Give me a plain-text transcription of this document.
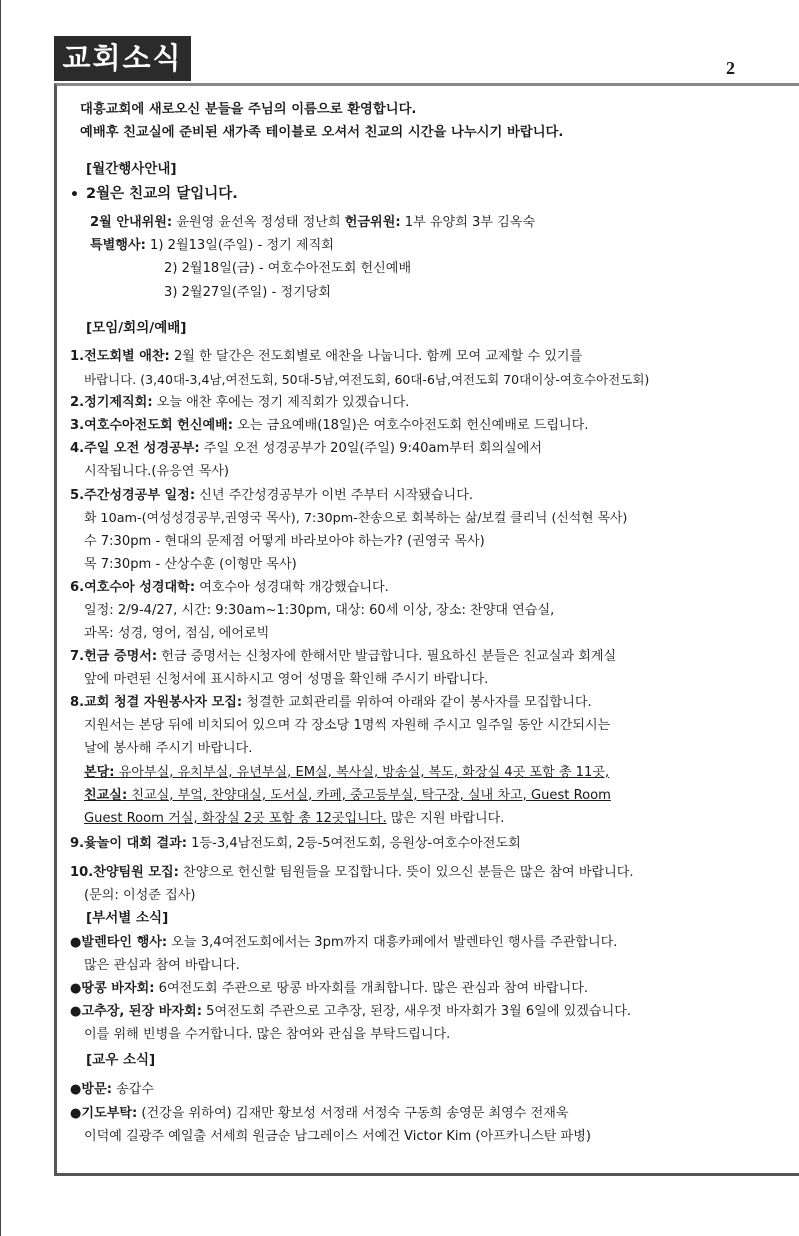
교회소식	2
대흥교회에 새로오신 분들을 주님의 이름으로 환영합니다.
예배후 친교실에 준비된 새가족 테이블로 오셔서 친교의 시간을 나누시기 바랍니다.
[월간행사안내]
• 2월은 친교의 달입니다.
2월 안내위원: 윤원영 윤선옥 정성태 정난희 헌금위원: 1부 유양희 3부 김옥숙
특별행사: 1) 2월13일(주일) - 정기 제직회
2) 2월18일(금) - 여호수아전도회 헌신예배
3) 2월27일(주일) - 정기당회
[모임/회의/예배]
1.전도회별 애찬: 2월 한 달간은 전도회별로 애찬을 나눕니다. 함께 모여 교제할 수 있기를
바랍니다. (3,40대-3,4남,여전도회, 50대-5남,여전도회, 60대-6남,여전도회 70대이상-여호수아전도회)
2.정기제직회: 오늘 애찬 후에는 정기 제직회가 있겠습니다.
3.여호수아전도회 헌신예배: 오는 금요예배(18일)은 여호수아전도회 헌신예배로 드립니다.
4.주일 오전 성경공부: 주일 오전 성경공부가 20일(주일) 9:40am부터 회의실에서
시작됩니다.(유응연 목사)
5.주간성경공부 일정: 신년 주간성경공부가 이번 주부터 시작됐습니다.
화 10am-(여성성경공부,권영국 목사), 7:30pm-찬송으로 회복하는 삶/보컬 클리닉 (신석현 목사)
수 7:30pm - 현대의 문제점 어떻게 바라보아야 하는가? (권영국 목사)
목 7:30pm - 산상수훈 (이형만 목사)
6.여호수아 성경대학: 여호수아 성경대학 개강했습니다.
일정: 2/9-4/27, 시간: 9:30am~1:30pm, 대상: 60세 이상, 장소: 찬양대 연습실,
과목: 성경, 영어, 점심, 에어로빅
7.헌금 증명서: 헌금 증명서는 신청자에 한해서만 발급합니다. 필요하신 분들은 친교실과 회계실
앞에 마련된 신청서에 표시하시고 영어 성명을 확인해 주시기 바랍니다.
8.교회 청결 자원봉사자 모집: 청결한 교회관리를 위하여 아래와 같이 봉사자를 모집합니다.
지원서는 본당 뒤에 비치되어 있으며 각 장소당 1명씩 자원해 주시고 일주일 동안 시간되시는
날에 봉사해 주시기 바랍니다.
본당: 유아부실, 유치부실, 유년부실, EM실, 복사실, 방송실, 복도, 화장실 4곳 포함 총 11곳,
친교실: 친교실, 부엌, 찬양대실, 도서실, 카페, 중고등부실, 탁구장, 실내 차고, Guest Room
Guest Room 거실, 화장실 2곳 포함 총 12곳입니다. 많은 지원 바랍니다.
9.윷놀이 대회 결과: 1등-3,4남전도회, 2등-5여전도회, 응원상-여호수아전도회
10.찬양팀원 모집: 찬양으로 헌신할 팀원들을 모집합니다. 뜻이 있으신 분들은 많은 참여 바랍니다.
(문의: 이성준 집사)
[부서별 소식]
●발렌타인 행사: 오늘 3,4여전도회에서는 3pm까지 대흥카페에서 발렌타인 행사를 주관합니다.
많은 관심과 참여 바랍니다.
●땅콩 바자회: 6여전도회 주관으로 땅콩 바자회를 개최합니다. 많은 관심과 참여 바랍니다.
●고추장, 된장 바자회: 5여전도회 주관으로 고추장, 된장, 새우젓 바자회가 3월 6일에 있겠습니다.
이를 위해 빈병을 수거합니다. 많은 참여와 관심을 부탁드립니다.
[교우 소식]
●방문: 송갑수
●기도부탁: (건강을 위하여) 김재만 황보성 서정래 서정숙 구동희 송영문 최영수 전재욱
이덕예 길광주 예일출 서세희 원금순 남그레이스 서예건 Victor Kim (아프카니스탄 파병)
